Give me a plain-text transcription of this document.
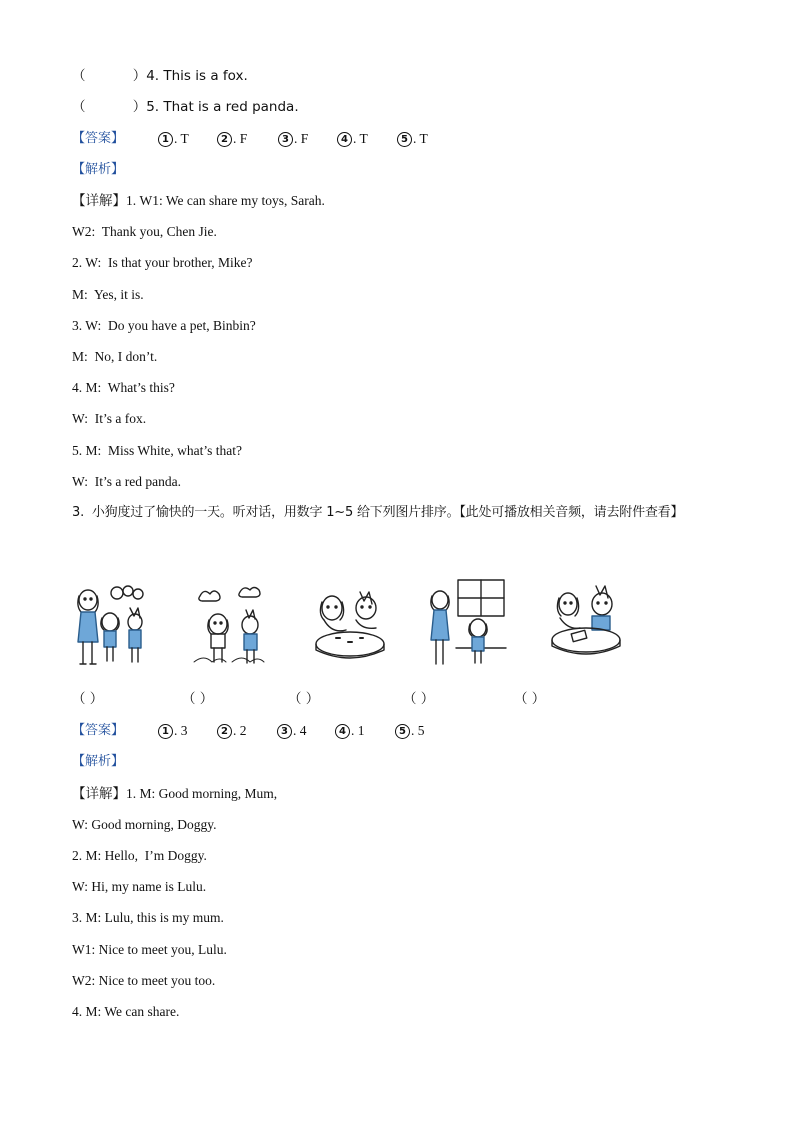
（           ）4. This is a fox.
（           ）5. That is a red panda.
【答案】	1 . T	2 . F	3 . F	4 . T	5 . T
【解析】
【详解】1. W1: We can share my toys, Sarah.
W2:  Thank you, Chen Jie.
2. W:  Is that your brother, Mike?
M:  Yes, it is.
3. W:  Do you have a pet, Binbin?
M:  No, I don’t.
4. M:  What’s this?
W:  It’s a fox.
5. M:  Miss White, what’s that?
W:  It’s a red panda.
3.  小狗度过了愉快的一天。听对话，用数字 1~5 给下列图片排序。【此处可播放相关音频，请去附件查看】
（ ）	（ ）	（ ）	（ ）	（ ）
【答案】	1 . 3	2 . 2	3 . 4	4 . 1	5 . 5
【解析】
【详解】1. M: Good morning, Mum,
W: Good morning, Doggy.
2. M: Hello,  I’m Doggy.
W: Hi, my name is Lulu.
3. M: Lulu, this is my mum.
W1: Nice to meet you, Lulu.
W2: Nice to meet you too.
4. M: We can share.
